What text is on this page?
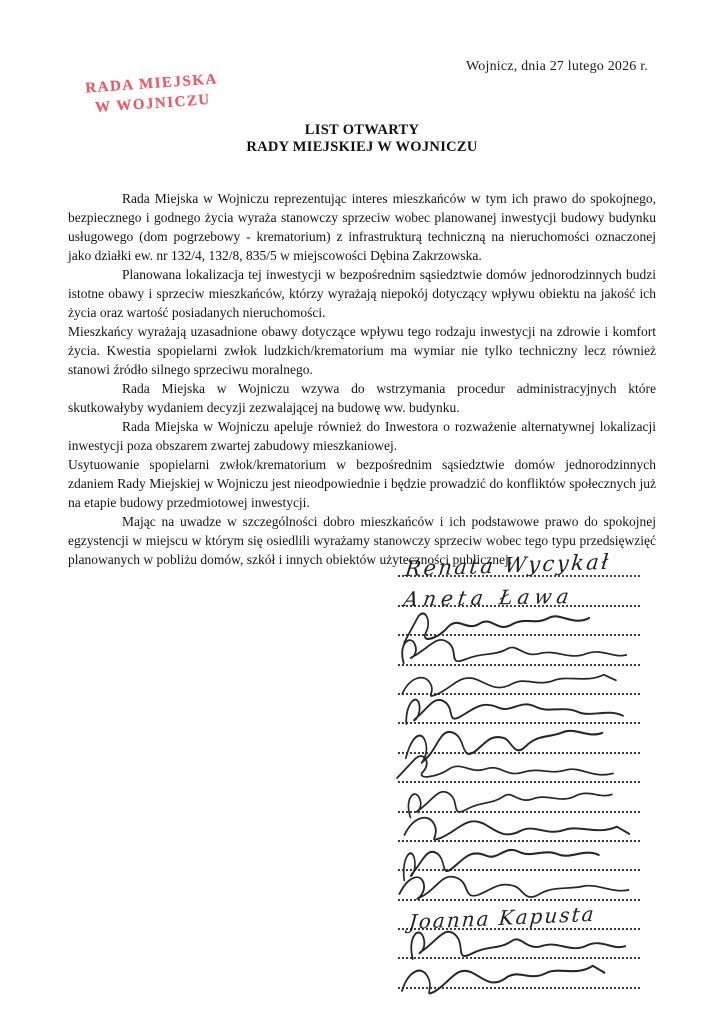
Wojnicz, dnia 27 lutego 2026 r.
RADA MIEJSKA
W WOJNICZU
LIST OTWARTY
RADY MIEJSKIEJ W WOJNICZU

Rada Miejska w Wojniczu reprezentując interes mieszkańców w tym ich prawo do spokojnego, bezpiecznego i godnego życia wyraża stanowczy sprzeciw wobec planowanej inwestycji budowy budynku usługowego (dom pogrzebowy - krematorium) z infrastrukturą techniczną na nieruchomości oznaczonej jako działki ew. nr 132/4, 132/8, 835/5 w miejscowości Dębina Zakrzowska.

Planowana lokalizacja tej inwestycji w bezpośrednim sąsiedztwie domów jednorodzinnych budzi istotne obawy i sprzeciw mieszkańców, którzy wyrażają niepokój dotyczący wpływu obiektu na jakość ich życia oraz wartość posiadanych nieruchomości.

Mieszkańcy wyrażają uzasadnione obawy dotyczące wpływu tego rodzaju inwestycji na zdrowie i komfort życia. Kwestia spopielarni zwłok ludzkich/krematorium ma wymiar nie tylko techniczny lecz również stanowi źródło silnego sprzeciwu moralnego.

Rada Miejska w Wojniczu wzywa do wstrzymania procedur administracyjnych które skutkowałyby wydaniem decyzji zezwalającej na budowę ww. budynku.

Rada Miejska w Wojniczu apeluje również do Inwestora o rozważenie alternatywnej lokalizacji inwestycji poza obszarem zwartej zabudowy mieszkaniowej.

Usytuowanie spopielarni zwłok/krematorium w bezpośrednim sąsiedztwie domów jednorodzinnych zdaniem Rady Miejskiej w Wojniczu jest nieodpowiednie i będzie prowadzić do konfliktów społecznych już na etapie budowy przedmiotowej inwestycji.

Mając na uwadze w szczególności dobro mieszkańców i ich podstawowe prawo do spokojnej egzystencji w miejscu w którym się osiedlili wyrażamy stanowczy sprzeciw wobec tego typu przedsięwzięć planowanych w pobliżu domów, szkół i innych obiektów użyteczności publicznej.

Renata Wycykał
Aneta Ława
Joanna Kapusta
